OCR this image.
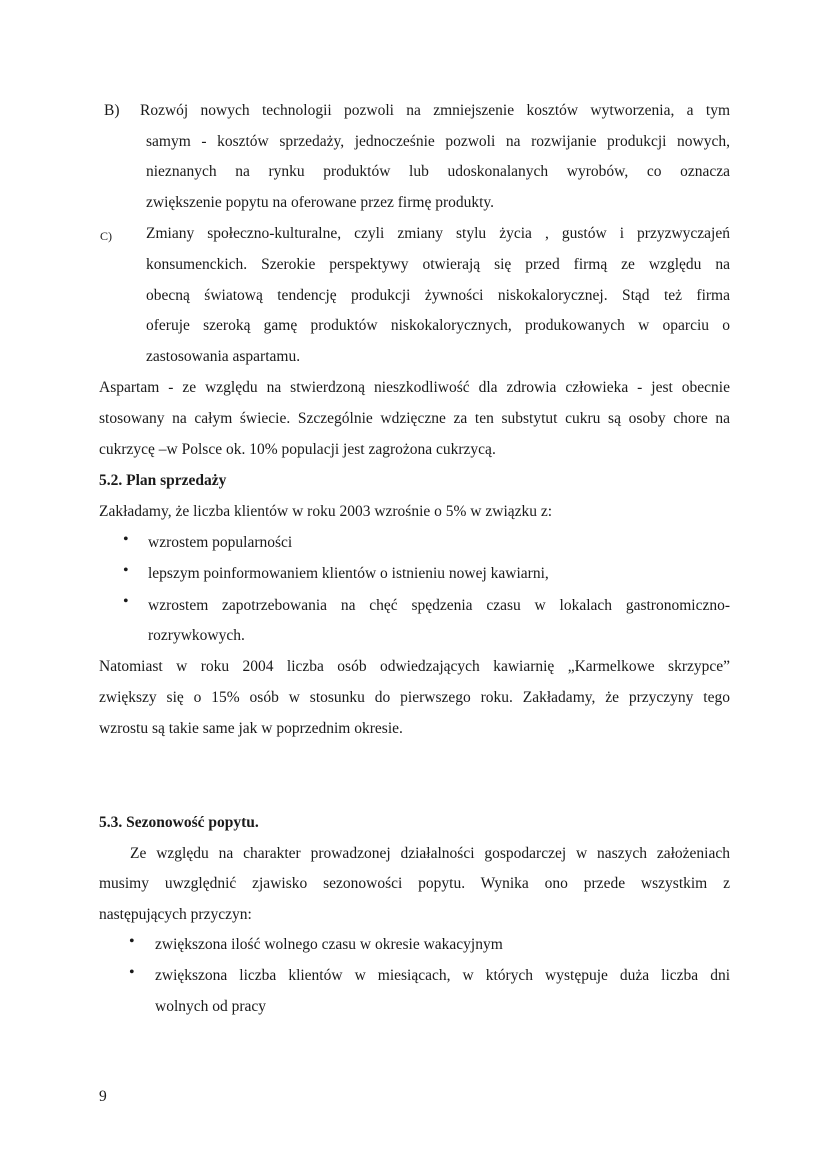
B) Rozwój nowych technologii pozwoli na zmniejszenie kosztów wytworzenia, a tym
samym - kosztów sprzedaży, jednocześnie pozwoli na rozwijanie produkcji nowych,
nieznanych na rynku produktów lub udoskonalanych wyrobów, co oznacza
zwiększenie popytu na oferowane przez firmę produkty.
C) Zmiany społeczno-kulturalne, czyli zmiany stylu życia , gustów i przyzwyczajeń
konsumenckich. Szerokie perspektywy otwierają się przed firmą ze względu na
obecną światową tendencję produkcji żywności niskokalorycznej. Stąd też firma
oferuje szeroką gamę produktów niskokalorycznych, produkowanych w oparciu o
zastosowania aspartamu.
Aspartam - ze względu na stwierdzoną nieszkodliwość dla zdrowia człowieka - jest obecnie
stosowany na całym świecie. Szczególnie wdzięczne za ten substytut cukru są osoby chore na
cukrzycę –w Polsce ok. 10% populacji jest zagrożona cukrzycą.
5.2. Plan sprzedaży
Zakładamy, że liczba klientów w roku 2003 wzrośnie o 5% w związku z:
• wzrostem popularności
• lepszym poinformowaniem klientów o istnieniu nowej kawiarni,
• wzrostem zapotrzebowania na chęć spędzenia czasu w lokalach gastronomiczno-
rozrywkowych.
Natomiast w roku 2004 liczba osób odwiedzających kawiarnię „Karmelkowe skrzypce”
zwiększy się o 15% osób w stosunku do pierwszego roku. Zakładamy, że przyczyny tego
wzrostu są takie same jak w poprzednim okresie.
5.3. Sezonowość popytu.
Ze względu na charakter prowadzonej działalności gospodarczej w naszych założeniach
musimy uwzględnić zjawisko sezonowości popytu. Wynika ono przede wszystkim z
następujących przyczyn:
• zwiększona ilość wolnego czasu w okresie wakacyjnym
• zwiększona liczba klientów w miesiącach, w których występuje duża liczba dni
wolnych od pracy
9
